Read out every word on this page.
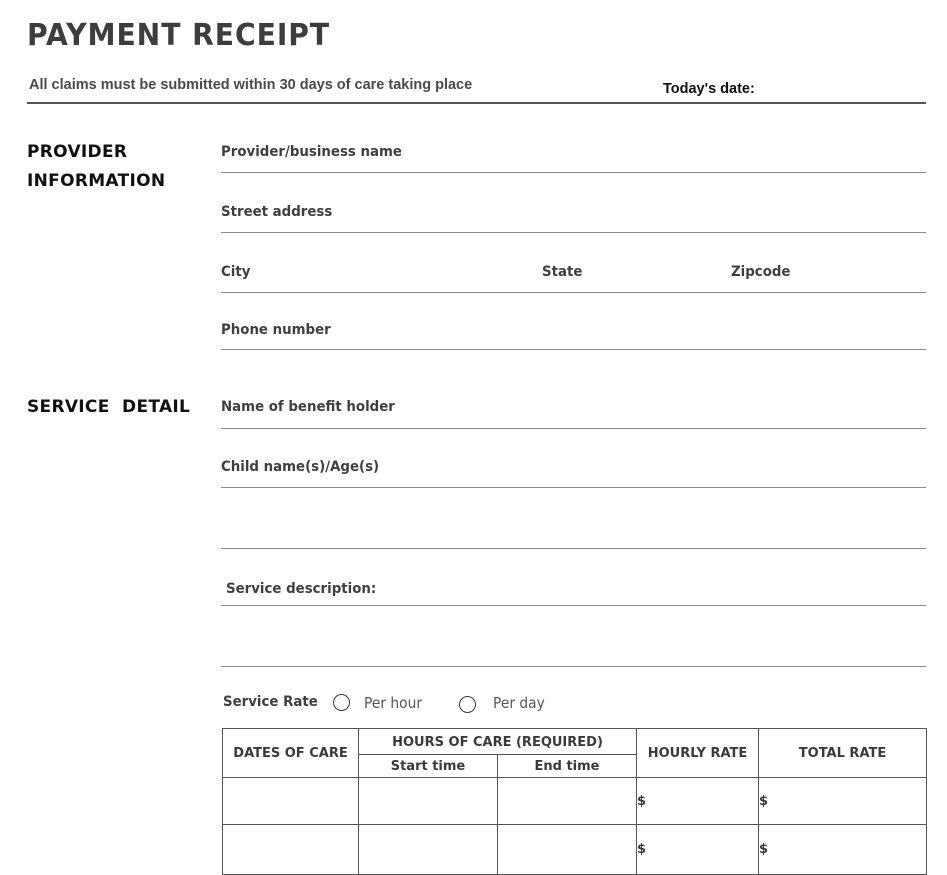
PAYMENT RECEIPT
All claims must be submitted within 30 days of care taking place	Today's date:
PROVIDER
INFORMATION
Provider/business name
Street address
City	State	Zipcode
Phone number
SERVICE  DETAIL Name of benefit holder
Child name(s)/Age(s)
Service description:
Service Rate	Per hour	Per day
DATES OF CARE	HOURS OF CARE (REQUIRED)		HOURLY RATE	TOTAL RATE
	Start time	End time		
			$	$
			$	$
